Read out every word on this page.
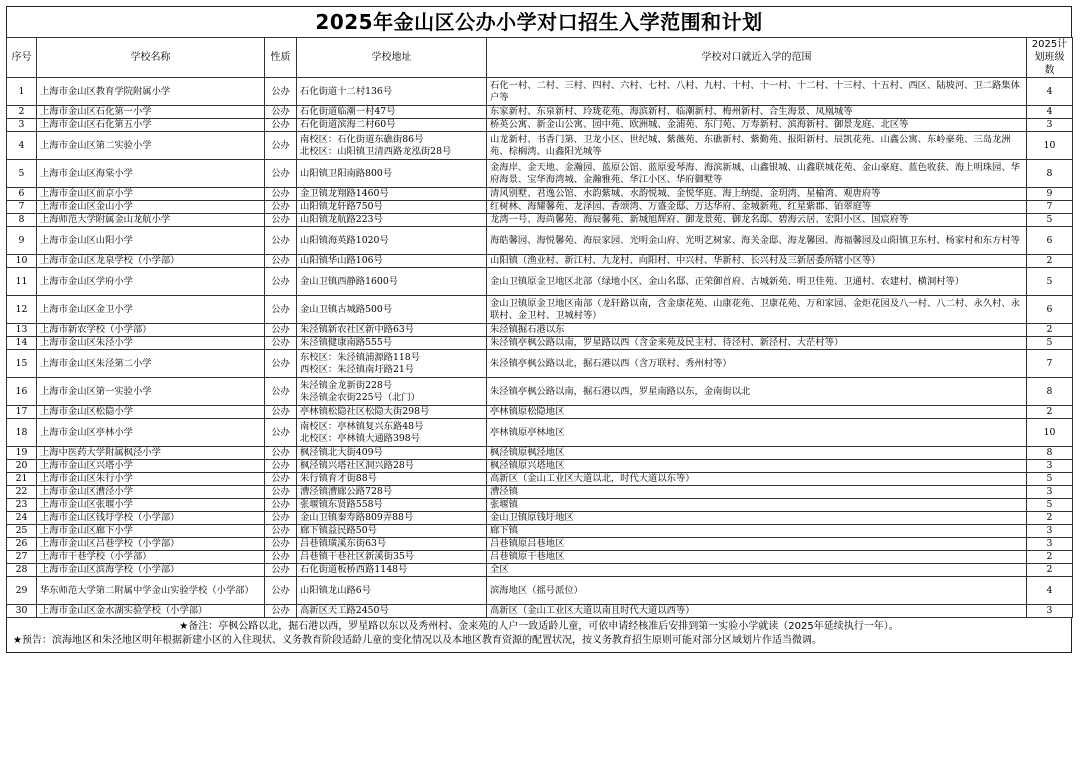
2025年金山区公办小学对口招生入学范围和计划
序号	学校名称	性质	学校地址	学校对口就近入学的范围	2025计划班级数
1	上海市金山区教育学院附属小学	公办	石化街道十二村136号	石化一村、二村、三村、四村、六村、七村、八村、九村、十村、十一村、十二村、十三村、十五村、西区、陆坡河、卫二路集体户等	4
2	上海市金山区石化第一小学	公办	石化街道临潮一村47号	东家新村、东泉新村、玲珑花苑、海滨新村、临潮新村、梅州新村、合生海景、凤凰城等	4
3	上海市金山区石化第五小学	公办	石化街道滨海二村60号	桥英公寓、新金山公寓、园中苑、欧洲城、金浦苑、东门苑、万寿新村、滨海新村、御景龙庭、北区等	3
4	上海市金山区第二实验小学	公办	南校区：石化街道东礁街86号
北校区：山阳镇卫清西路龙泓街28号	山龙新村、书香门第、卫龙小区、世纪城、紫薇苑、东礁新村、紫勤苑、报阳新村、辰凯花苑、山鑫公寓、东岭豪苑、三岛龙洲苑、棕榈湾、山鑫阳光城等	10
5	上海市金山区海棠小学	公办	山阳镇卫阳南路800号	金海岸、金天地、金瀚园、蓝原公馆、蓝原爱琴海、海滨新城、山鑫银城、山鑫联城花苑、金山豪庭、蓝色收获、海上明珠园、华府海景、宝华海湾城、金瀚雅苑、华江小区、华府御墅等	8
6	上海市金山区前京小学	公办	金卫镇龙翔路1460号	清风别墅、君逸公馆、水韵紫城、水韵悦城、金悦华庭、海上纳缇、金玥湾、星榆湾、观唐府等	9
7	上海市金山区金山小学	公办	山阳镇龙轩路750号	红树林、海耀馨苑、龙泽园、香颂湾、万盛金邸、万达华府、金城新苑、红星紫郡、铂翠庭等	7
8	上海师范大学附属金山龙航小学	公办	山阳镇龙航路223号	龙湾一号、海尚馨苑、海辰馨苑、新城旭辉府、御龙景苑、御龙名邸、碧海云居、宏阳小区、国宸府等	5
9	上海市金山区山阳小学	公办	山阳镇海英路1020号	海皓馨园、海悦馨苑、海辰家园、光明金山府、光明艺树家、海关金邸、海龙馨园、海福馨园及山阳镇卫东村、杨家村和东方村等	6
10	上海市金山区龙泉学校（小学部）	公办	山阳镇华山路106号	山阳镇（渔业村、新江村、九龙村、向阳村、中兴村、华新村、长兴村及三新居委所辖小区等）	2
11	上海市金山区学府小学	公办	金山卫镇西静路1600号	金山卫镇原金卫地区北部（绿地小区、金山名邸、正荣御首府、古城新苑、明卫佳苑、卫通村、农建村、横洞村等）	5
12	上海市金山区金卫小学	公办	金山卫镇古城路500号	金山卫镇原金卫地区南部（龙轩路以南，含金康花苑、山康花苑、卫康花苑、万和家园、金炬花园及八一村、八二村、永久村、永联村、金卫村、卫城村等）	6
13	上海市新农学校（小学部）	公办	朱泾镇新农社区新中路63号	朱泾镇掘石港以东	2
14	上海市金山区朱泾小学	公办	朱泾镇健康南路555号	朱泾镇亭枫公路以南，罗星路以西（含金来苑及民主村、待泾村、新泾村、大茫村等）	5
15	上海市金山区朱泾第二小学	公办	东校区：朱泾镇浦源路118号
西校区：朱泾镇南圩路21号	朱泾镇亭枫公路以北，掘石港以西（含万联村、秀州村等）	7
16	上海市金山区第一实验小学	公办	朱泾镇金龙新街228号
朱泾镇金农街225号（北门）	朱泾镇亭枫公路以南，掘石港以西，罗星南路以东，金南街以北	8
17	上海市金山区松隐小学	公办	亭林镇松隐社区松隐大街298号	亭林镇原松隐地区	2
18	上海市金山区亭林小学	公办	南校区：亭林镇复兴东路48号
北校区：亭林镇大通路398号	亭林镇原亭林地区	10
19	上海中医药大学附属枫泾小学	公办	枫泾镇北大街409号	枫泾镇原枫泾地区	8
20	上海市金山区兴塔小学	公办	枫泾镇兴塔社区洞兴路28号	枫泾镇原兴塔地区	3
21	上海市金山区朱行小学	公办	朱行镇育才街88号	高新区（金山工业区大道以北，时代大道以东等）	5
22	上海市金山区漕泾小学	公办	漕泾镇漕廊公路728号	漕泾镇	3
23	上海市金山区张堰小学	公办	张堰镇东贤路558号	张堰镇	5
24	上海市金山区钱圩学校（小学部）	公办	金山卫镇秦寿路809弄88号	金山卫镇原钱圩地区	2
25	上海市金山区廊下小学	公办	廊下镇益民路50号	廊下镇	3
26	上海市金山区吕巷学校（小学部）	公办	吕巷镇璜溪东街63号	吕巷镇原吕巷地区	3
27	上海市干巷学校（小学部）	公办	吕巷镇干巷社区新溪街35号	吕巷镇原干巷地区	2
28	上海市金山区滨海学校（小学部）	公办	石化街道板桥西路1148号	全区	2
29	华东师范大学第二附属中学金山实验学校（小学部）	公办	山阳镇龙山路6号	滨海地区（摇号派位）	4
30	上海市金山区金水湖实验学校（小学部）	公办	高新区天工路2450号	高新区（金山工业区大道以南且时代大道以西等）	3

★备注：亭枫公路以北，掘石港以西，罗星路以东以及秀州村、金来苑的人户一致适龄儿童，可依申请经核准后安排到第一实验小学就读（2025年延续执行一年）。

★预告：滨海地区和朱泾地区明年根据新建小区的入住现状、义务教育阶段适龄儿童的变化情况以及本地区教育资源的配置状况，按义务教育招生原则可能对部分区域划片作适当微调。
